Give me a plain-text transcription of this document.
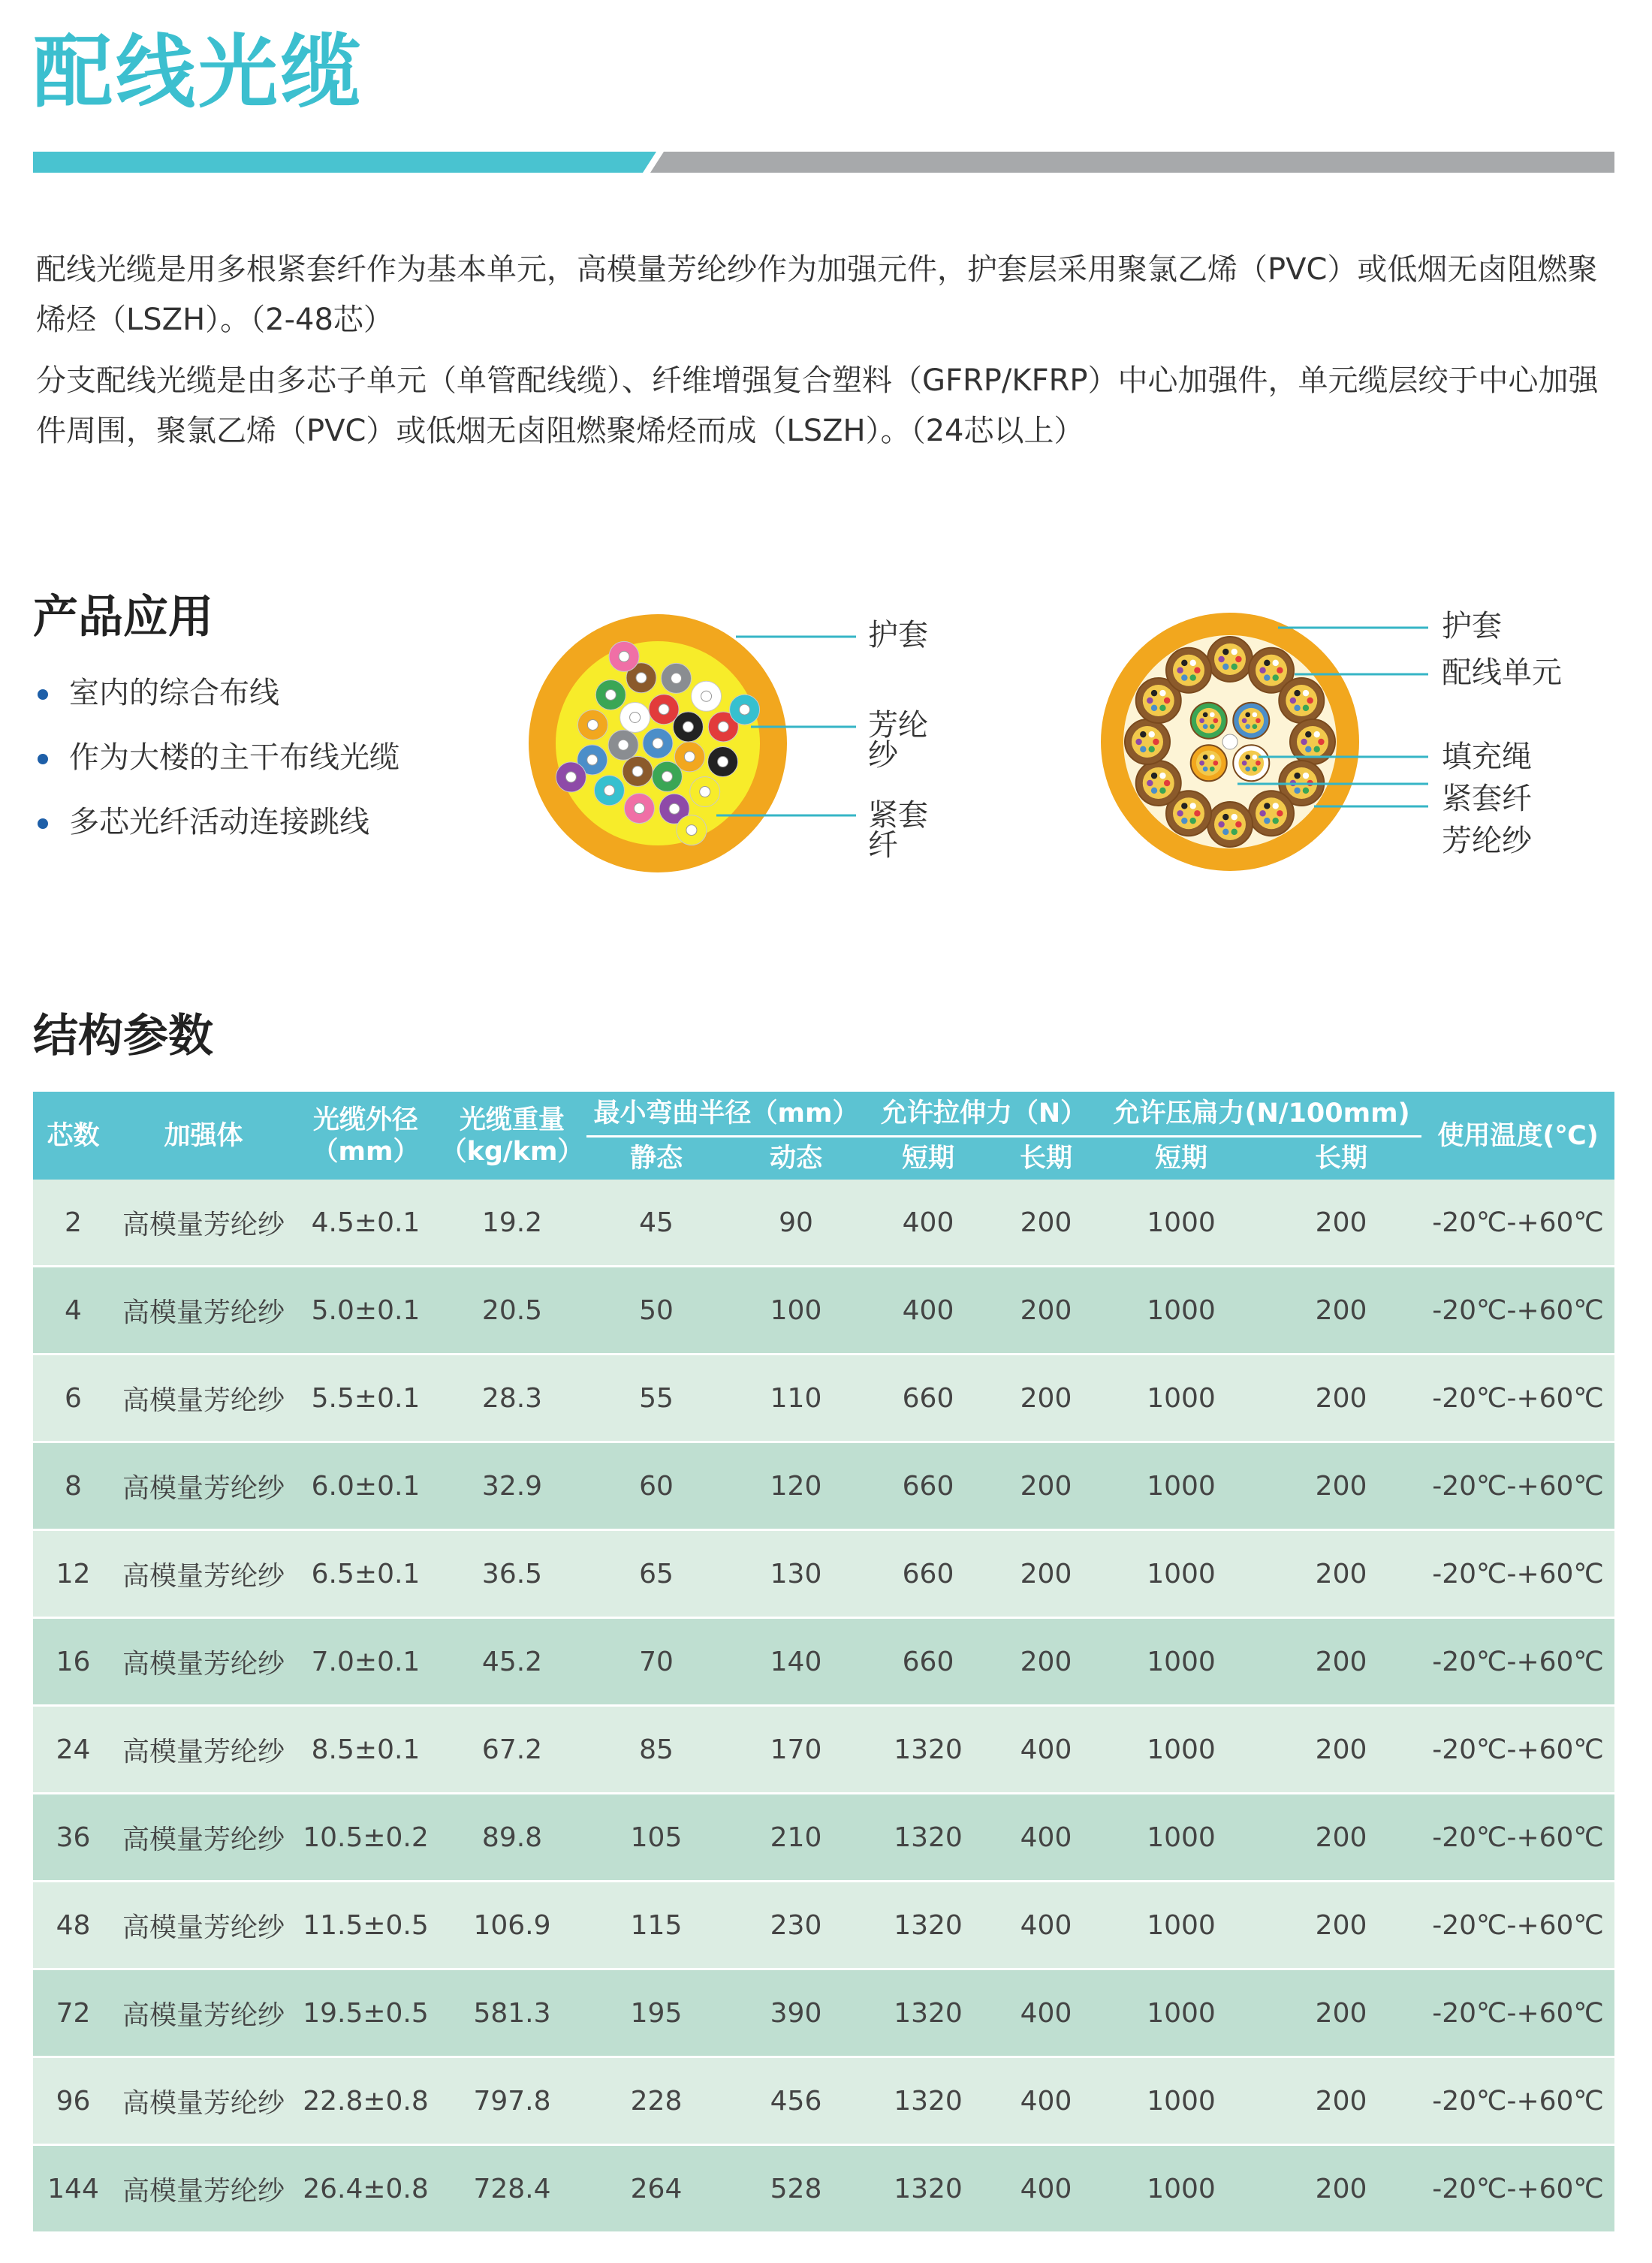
配线光缆

配线光缆是用多根紧套纤作为基本单元，高模量芳纶纱作为加强元件，护套层采用聚氯乙烯（PVC）或低烟无卤阻燃聚烯烃（LSZH）。（2-48芯）

分支配线光缆是由多芯子单元（单管配线缆）、纤维增强复合塑料（GFRP/KFRP）中心加强件，单元缆层绞于中心加强件周围，聚氯乙烯（PVC）或低烟无卤阻燃聚烯烃而成（LSZH）。（24芯以上）

产品应用
室内的综合布线
作为大楼的主干布线光缆
多芯光纤活动连接跳线
护套
芳纶纱
紧套纤
护套
配线单元
填充绳
紧套纤
芳纶纱
结构参数
芯数	加强体	光缆外径（mm）	光缆重量（kg/km）	最小弯曲半径（mm）		允许拉伸力（N）		允许压扁力(N/100mm)		使用温度(℃)
				静态	动态	短期	长期	短期	长期	
2	高模量芳纶纱	4.5±0.1	19.2	45	90	400	200	1000	200	-20℃-+60℃
4	高模量芳纶纱	5.0±0.1	20.5	50	100	400	200	1000	200	-20℃-+60℃
6	高模量芳纶纱	5.5±0.1	28.3	55	110	660	200	1000	200	-20℃-+60℃
8	高模量芳纶纱	6.0±0.1	32.9	60	120	660	200	1000	200	-20℃-+60℃
12	高模量芳纶纱	6.5±0.1	36.5	65	130	660	200	1000	200	-20℃-+60℃
16	高模量芳纶纱	7.0±0.1	45.2	70	140	660	200	1000	200	-20℃-+60℃
24	高模量芳纶纱	8.5±0.1	67.2	85	170	1320	400	1000	200	-20℃-+60℃
36	高模量芳纶纱	10.5±0.2	89.8	105	210	1320	400	1000	200	-20℃-+60℃
48	高模量芳纶纱	11.5±0.5	106.9	115	230	1320	400	1000	200	-20℃-+60℃
72	高模量芳纶纱	19.5±0.5	581.3	195	390	1320	400	1000	200	-20℃-+60℃
96	高模量芳纶纱	22.8±0.8	797.8	228	456	1320	400	1000	200	-20℃-+60℃
144	高模量芳纶纱	26.4±0.8	728.4	264	528	1320	400	1000	200	-20℃-+60℃
